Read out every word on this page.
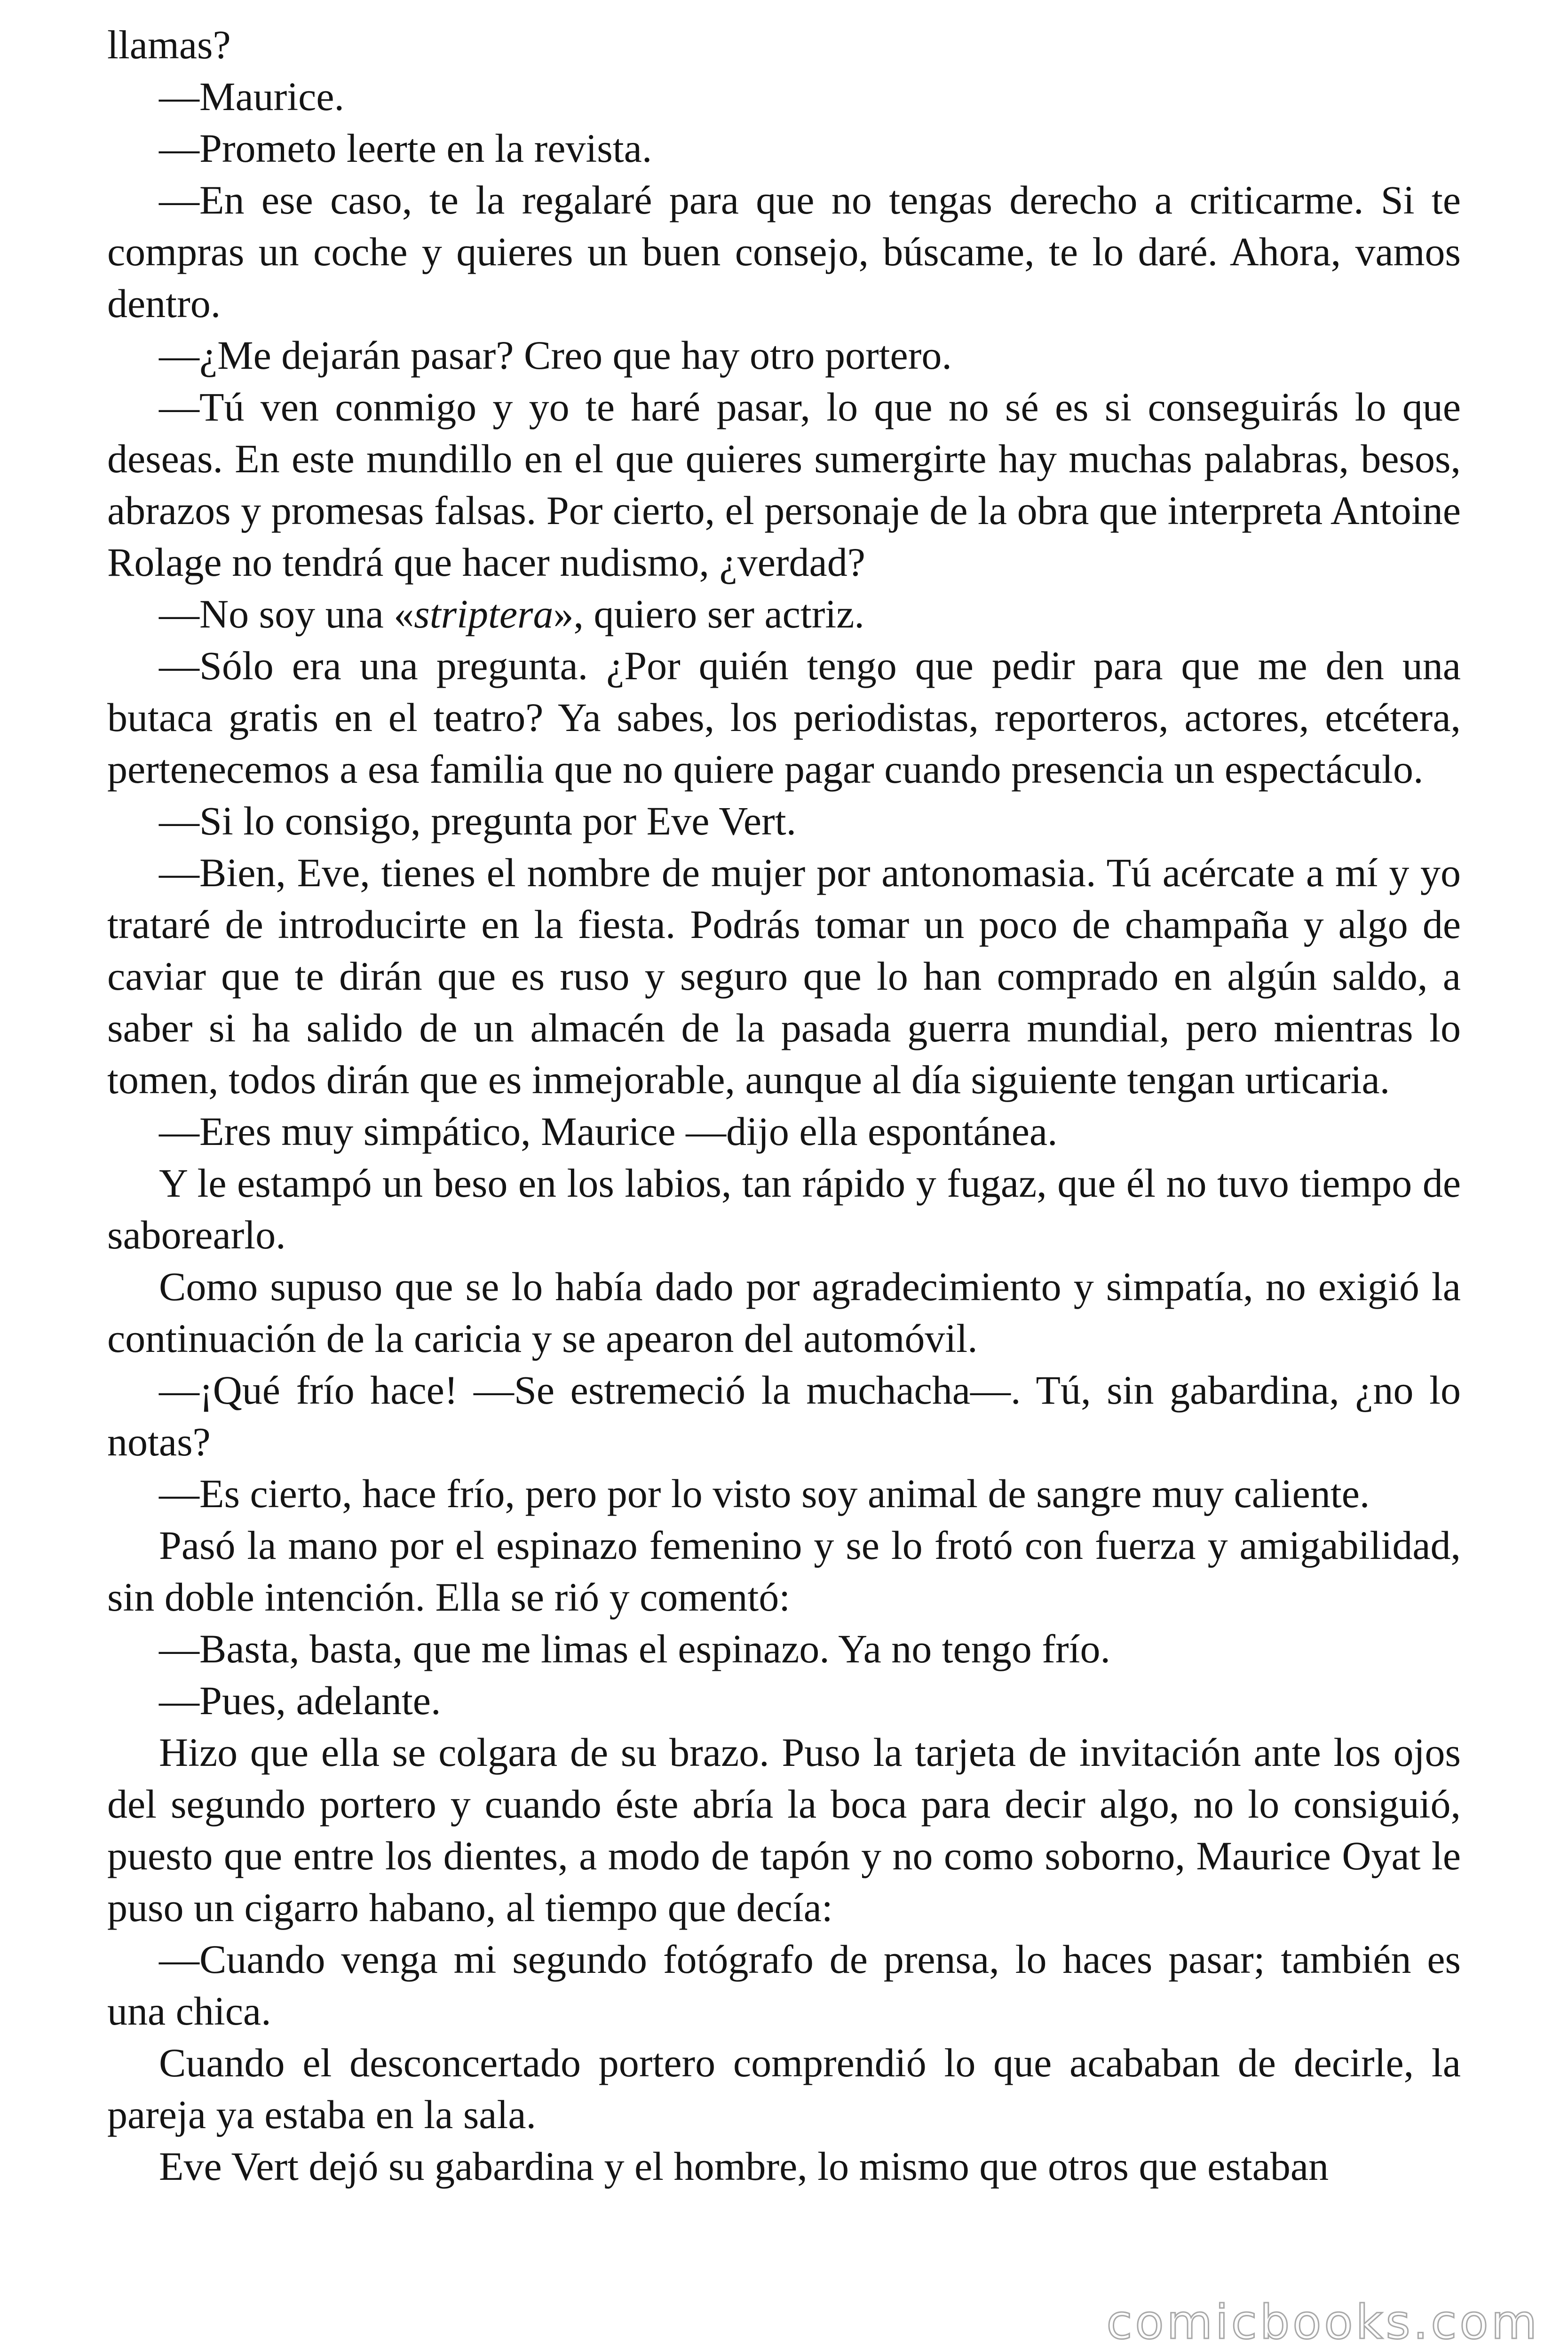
llamas?

—Maurice.

—Prometo leerte en la revista.

—En ese caso, te la regalaré para que no tengas derecho a criticarme. Si te compras un coche y quieres un buen consejo, búscame, te lo daré. Ahora, vamos dentro.

—¿Me dejarán pasar? Creo que hay otro portero.

—Tú ven conmigo y yo te haré pasar, lo que no sé es si conseguirás lo que deseas. En este mundillo en el que quieres sumergirte hay muchas palabras, besos, abrazos y promesas falsas. Por cierto, el personaje de la obra que interpreta Antoine Rolage no tendrá que hacer nudismo, ¿verdad?

—No soy una «striptera», quiero ser actriz.

—Sólo era una pregunta. ¿Por quién tengo que pedir para que me den una butaca gratis en el teatro? Ya sabes, los periodistas, reporteros, actores, etcétera, pertenecemos a esa familia que no quiere pagar cuando presencia un espectáculo.

—Si lo consigo, pregunta por Eve Vert.

—Bien, Eve, tienes el nombre de mujer por antonomasia. Tú acércate a mí y yo trataré de introducirte en la fiesta. Podrás tomar un poco de champaña y algo de caviar que te dirán que es ruso y seguro que lo han comprado en algún saldo, a saber si ha salido de un almacén de la pasada guerra mundial, pero mientras lo tomen, todos dirán que es inmejorable, aunque al día siguiente tengan urticaria.

—Eres muy simpático, Maurice —dijo ella espontánea.

Y le estampó un beso en los labios, tan rápido y fugaz, que él no tuvo tiempo de saborearlo.

Como supuso que se lo había dado por agradecimiento y simpatía, no exigió la continuación de la caricia y se apearon del automóvil.

—¡Qué frío hace! —Se estremeció la muchacha—. Tú, sin gabardina, ¿no lo notas?

—Es cierto, hace frío, pero por lo visto soy animal de sangre muy caliente.

Pasó la mano por el espinazo femenino y se lo frotó con fuerza y amigabilidad, sin doble intención. Ella se rió y comentó:

—Basta, basta, que me limas el espinazo. Ya no tengo frío.

—Pues, adelante.

Hizo que ella se colgara de su brazo. Puso la tarjeta de invitación ante los ojos del segundo portero y cuando éste abría la boca para decir algo, no lo consiguió, puesto que entre los dientes, a modo de tapón y no como soborno, Maurice Oyat le puso un cigarro habano, al tiempo que decía:

—Cuando venga mi segundo fotógrafo de prensa, lo haces pasar; también es una chica.

Cuando el desconcertado portero comprendió lo que acababan de decirle, la pareja ya estaba en la sala.

Eve Vert dejó su gabardina y el hombre, lo mismo que otros que estaban

comicbooks.com
